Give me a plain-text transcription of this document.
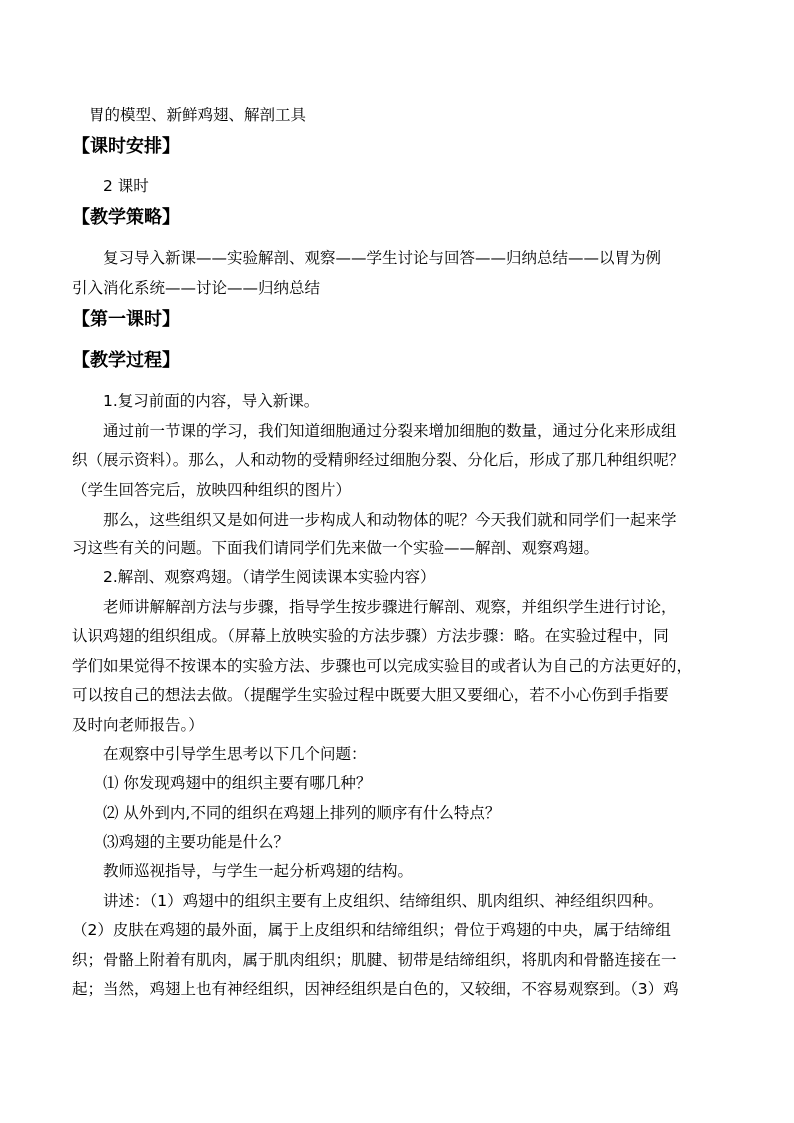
胃的模型、新鲜鸡翅、解剖工具
【课时安排】
2 课时
【教学策略】
复习导入新课——实验解剖、观察——学生讨论与回答——归纳总结——以胃为例
引入消化系统——讨论——归纳总结
【第一课时】
【教学过程】
1.复习前面的内容，导入新课。
通过前一节课的学习，我们知道细胞通过分裂来增加细胞的数量，通过分化来形成组
织（展示资料）。那么，人和动物的受精卵经过细胞分裂、分化后，形成了那几种组织呢？
（学生回答完后，放映四种组织的图片）
那么，这些组织又是如何进一步构成人和动物体的呢？今天我们就和同学们一起来学
习这些有关的问题。下面我们请同学们先来做一个实验——解剖、观察鸡翅。
2.解剖、观察鸡翅。（请学生阅读课本实验内容）
老师讲解解剖方法与步骤，指导学生按步骤进行解剖、观察，并组织学生进行讨论，
认识鸡翅的组织组成。（屏幕上放映实验的方法步骤）方法步骤：略。在实验过程中，同
学们如果觉得不按课本的实验方法、步骤也可以完成实验目的或者认为自己的方法更好的，
可以按自己的想法去做。（提醒学生实验过程中既要大胆又要细心，若不小心伤到手指要
及时向老师报告。）
在观察中引导学生思考以下几个问题：
⑴ 你发现鸡翅中的组织主要有哪几种？
⑵ 从外到内,不同的组织在鸡翅上排列的顺序有什么特点？
⑶鸡翅的主要功能是什么？
教师巡视指导，与学生一起分析鸡翅的结构。
讲述：（1）鸡翅中的组织主要有上皮组织、结缔组织、肌肉组织、神经组织四种。
（2）皮肤在鸡翅的最外面，属于上皮组织和结缔组织；骨位于鸡翅的中央，属于结缔组
织；骨骼上附着有肌肉，属于肌肉组织；肌腱、韧带是结缔组织，将肌肉和骨骼连接在一
起；当然，鸡翅上也有神经组织，因神经组织是白色的，又较细，不容易观察到。（3）鸡
